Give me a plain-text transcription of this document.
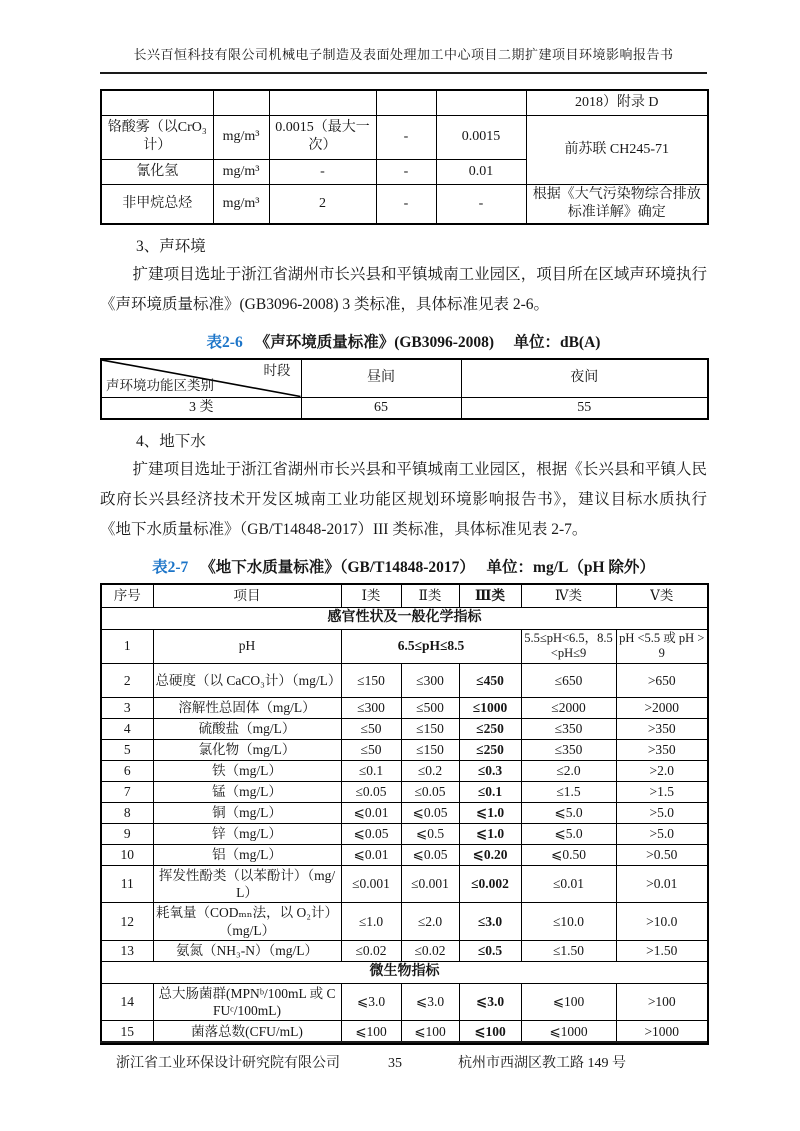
长兴百恒科技有限公司机械电子制造及表面处理加工中心项目二期扩建项目环境影响报告书
					2018）附录 D
铬酸雾（以CrO₃计）	mg/m³	0.0015（最大一次）	-	0.0015	前苏联 CH245-71
氰化氢	mg/m³	-	-	0.01	
非甲烷总烃	mg/m³	2	-	-	根据《大气污染物综合排放标准详解》确定
3、声环境

扩建项目选址于浙江省湖州市长兴县和平镇城南工业园区，项目所在区域声环境执行《声环境质量标准》(GB3096-2008) 3 类标准，具体标准见表 2-6。

表2-6 《声环境质量标准》(GB3096-2008)　 单位：dB(A)
时段
声环境功能区类别	昼间	夜间
3 类	65	55
4、地下水

扩建项目选址于浙江省湖州市长兴县和平镇城南工业园区，根据《长兴县和平镇人民政府长兴县经济技术开发区城南工业功能区规划环境影响报告书》，建议目标水质执行《地下水质量标准》（GB/T14848-2017）III 类标准，具体标准见表 2-7。

表2-7 《地下水质量标准》（GB/T14848-2017）　 单位：mg/L（pH 除外）
序号	项目	Ⅰ类	Ⅱ类	Ⅲ类	Ⅳ类	Ⅴ类
感官性状及一般化学指标						
1	pH	6.5≤pH≤8.5			5.5≤pH<6.5，8.5<pH≤9	pH <5.5 或 pH >9
2	总硬度（以 CaCO₃计）（mg/L）	≤150	≤300	≤450	≤650	>650
3	溶解性总固体（mg/L）	≤300	≤500	≤1000	≤2000	>2000
4	硫酸盐（mg/L）	≤50	≤150	≤250	≤350	>350
5	氯化物（mg/L）	≤50	≤150	≤250	≤350	>350
6	铁（mg/L）	≤0.1	≤0.2	≤0.3	≤2.0	>2.0
7	锰（mg/L）	≤0.05	≤0.05	≤0.1	≤1.5	>1.5
8	铜（mg/L）	⩽0.01	⩽0.05	⩽1.0	⩽5.0	>5.0
9	锌（mg/L）	⩽0.05	⩽0.5	⩽1.0	⩽5.0	>5.0
10	铝（mg/L）	⩽0.01	⩽0.05	⩽0.20	⩽0.50	>0.50
11	挥发性酚类（以苯酚计）（mg/L）	≤0.001	≤0.001	≤0.002	≤0.01	>0.01
12	耗氧量（CODₘₙ法，以 O₂计）（mg/L）	≤1.0	≤2.0	≤3.0	≤10.0	>10.0
13	氨氮（NH₃-N）（mg/L）	≤0.02	≤0.02	≤0.5	≤1.50	>1.50
微生物指标						
14	总大肠菌群(MPNᵇ/100mL 或 CFUᶜ/100mL)	⩽3.0	⩽3.0	⩽3.0	⩽100	>100
15	菌落总数(CFU/mL)	⩽100	⩽100	⩽100	⩽1000	>1000
浙江省工业环保设计研究院有限公司	35	杭州市西湖区教工路 149 号
